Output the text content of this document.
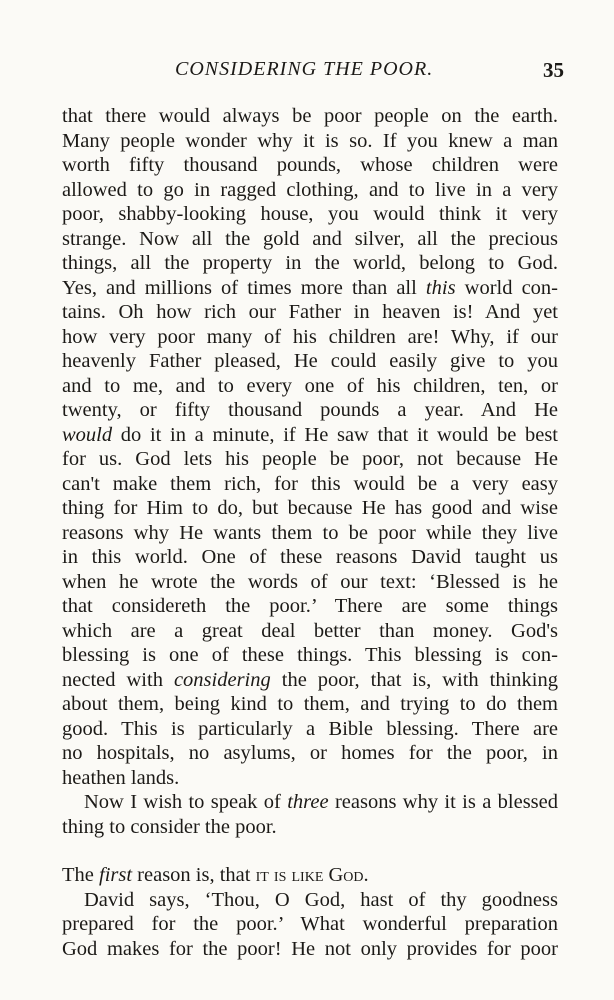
CONSIDERING THE POOR.	35
that there would always be poor people on the earth.
Many people wonder why it is so. If you knew a man
worth fifty thousand pounds, whose children were
allowed to go in ragged clothing, and to live in a very
poor, shabby-looking house, you would think it very
strange. Now all the gold and silver, all the precious
things, all the property in the world, belong to God.
Yes, and millions of times more than all this world con-
tains. Oh how rich our Father in heaven is! And yet
how very poor many of his children are! Why, if our
heavenly Father pleased, He could easily give to you
and to me, and to every one of his children, ten, or
twenty, or fifty thousand pounds a year. And He
would do it in a minute, if He saw that it would be best
for us. God lets his people be poor, not because He
can't make them rich, for this would be a very easy
thing for Him to do, but because He has good and wise
reasons why He wants them to be poor while they live
in this world. One of these reasons David taught us
when he wrote the words of our text: ‘Blessed is he
that considereth the poor.’ There are some things
which are a great deal better than money. God's
blessing is one of these things. This blessing is con-
nected with considering the poor, that is, with thinking
about them, being kind to them, and trying to do them
good. This is particularly a Bible blessing. There are
no hospitals, no asylums, or homes for the poor, in
heathen lands.
Now I wish to speak of three reasons why it is a blessed
thing to consider the poor.
The first reason is, that it is like God.
David says, ‘Thou, O God, hast of thy goodness
prepared for the poor.’ What wonderful preparation
God makes for the poor! He not only provides for poor
